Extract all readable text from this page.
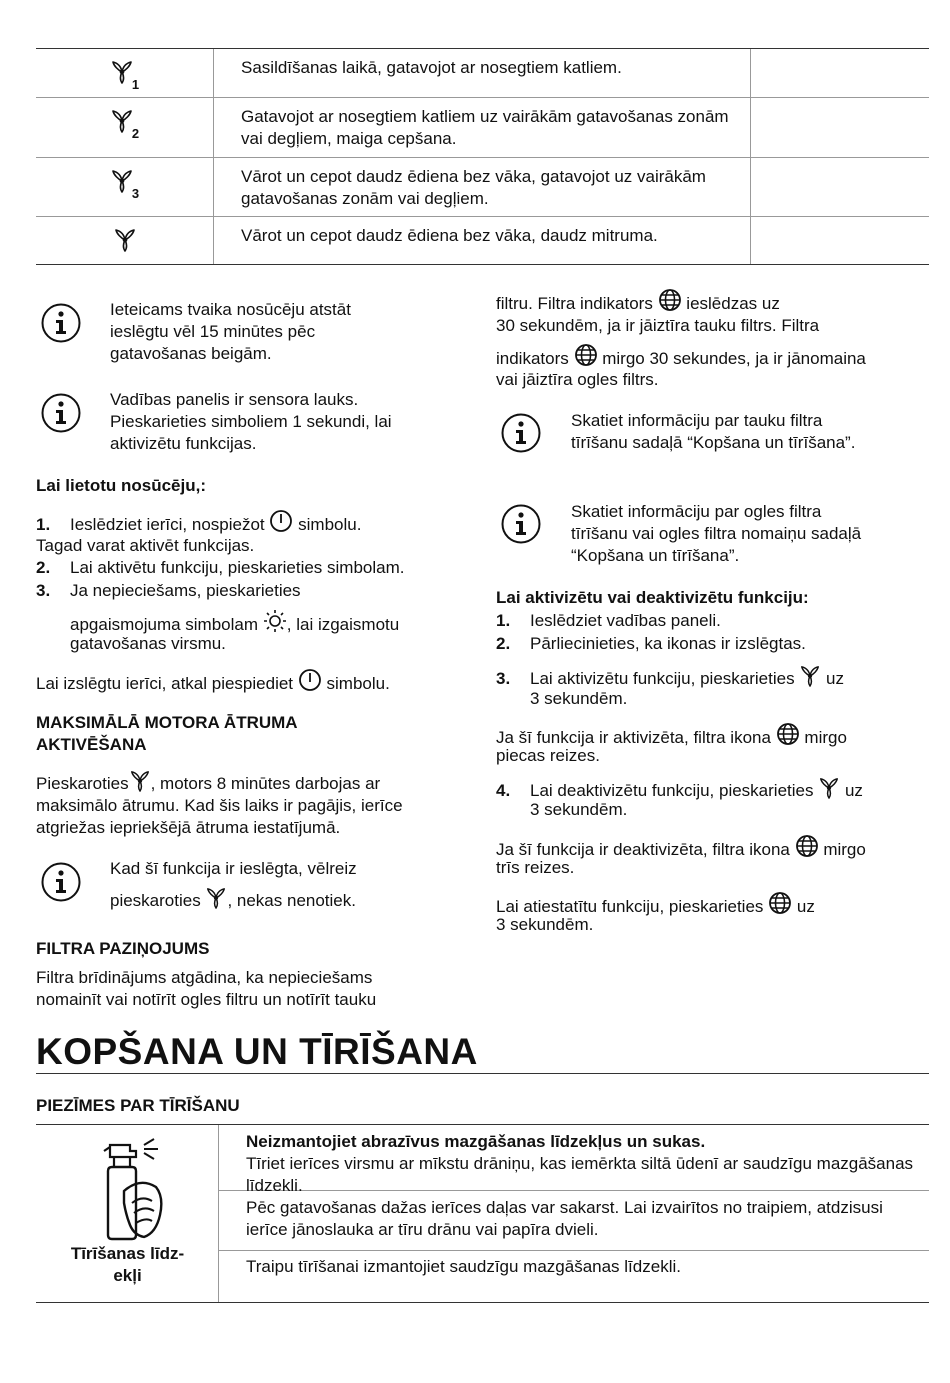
$_1$
Sasildīšanas laikā, gatavojot ar nosegtiem katliem.
$_2$
Gatavojot ar nosegtiem katliem uz vairākām gatavošanas zonām vai degļiem, maiga cepšana.
$_3$
Vārot un cepot daudz ēdiena bez vāka, gatavojot uz vairākām gatavošanas zonām vai degļiem.
Vārot un cepot daudz ēdiena bez vāka, daudz mitruma.

Ieteicams tvaika nosūcēju atstāt ieslēgtu vēl 15 minūtes pēc gatavošanas beigām.

Vadības panelis ir sensora lauks. Pieskarieties simboliem 1 sekundi, lai aktivizētu funkcijas.

Lai lietotu nosūcēju,:

1. Ieslēdziet ierīci, nospiežot simbolu.

Tagad varat aktivēt funkcijas.

2. Lai aktivētu funkciju, pieskarieties simbolam.

3. Ja nepieciešams, pieskarieties

apgaismojuma simbolam , lai izgaismotu

gatavošanas virsmu.

Lai izslēgtu ierīci, atkal piespiediet simbolu.

MAKSIMĀLĀ MOTORA ĀTRUMA
AKTIVĒŠANA

Pieskaroties , motors 8 minūtes darbojas ar maksimālo ātrumu. Kad šis laiks ir pagājis, ierīce atgriežas iepriekšējā ātruma iestatījumā.

Kad šī funkcija ir ieslēgta, vēlreiz

pieskaroties , nekas nenotiek.

FILTRA PAZIŅOJUMS

Filtra brīdinājums atgādina, ka nepieciešams nomainīt vai notīrīt ogles filtru un notīrīt tauku

filtru. Filtra indikators ieslēdzas uz

30 sekundēm, ja ir jāiztīra tauku filtrs. Filtra

indikators mirgo 30 sekundes, ja ir jānomaina

vai jāiztīra ogles filtrs.

Skatiet informāciju par tauku filtra tīrīšanu sadaļā “Kopšana un tīrīšana”.

Skatiet informāciju par ogles filtra tīrīšanu vai ogles filtra nomaiņu sadaļā “Kopšana un tīrīšana”.

Lai aktivizētu vai deaktivizētu funkciju:

1. Ieslēdziet vadības paneli.

2. Pārliecinieties, ka ikonas ir izslēgtas.

3. Lai aktivizētu funkciju, pieskarieties uz

3 sekundēm.

Ja šī funkcija ir aktivizēta, filtra ikona mirgo

piecas reizes.

4. Lai deaktivizētu funkciju, pieskarieties uz

3 sekundēm.

Ja šī funkcija ir deaktivizēta, filtra ikona mirgo

trīs reizes.

Lai atiestatītu funkciju, pieskarieties uz

3 sekundēm.

KOPŠANA UN TĪRĪŠANA

PIEZĪMES PAR TĪRĪŠANU

Tīrīšanas līdz-
ekļi
Neizmantojiet abrazīvus mazgāšanas līdzekļus un sukas.
Tīriet ierīces virsmu ar mīkstu drāniņu, kas iemērkta siltā ūdenī ar saudzīgu mazgāšanas līdzekli.
Pēc gatavošanas dažas ierīces daļas var sakarst. Lai izvairītos no traipiem, atdzisusi ierīce jānoslauka ar tīru drānu vai papīra dvieli.
Traipu tīrīšanai izmantojiet saudzīgu mazgāšanas līdzekli.
